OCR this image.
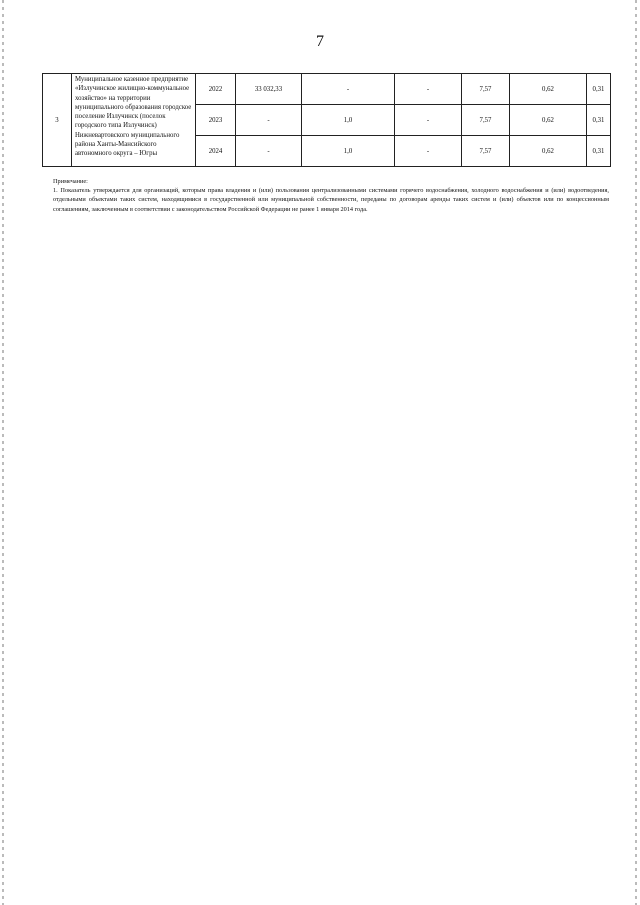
7
3	Муниципальное казенное предприятие «Излучинское жилищно-коммунальное хозяйство» на территории муниципального образования городское поселение Излучинск (поселок городского типа Излучинск) Нижневартовского муниципального района Ханты-Мансийского автономного округа – Югры	2022	33 032,33	-	-	7,57	0,62	0,31
		2023	-	1,0	-	7,57	0,62	0,31
		2024	-	1,0	-	7,57	0,62	0,31
Примечание:
1. Показатель утверждается для организаций, которым права владения и (или) пользования централизованными системами горячего водоснабжения, холодного водоснабжения и (или) водоотведения, отдельными объектами таких систем, находящимися в государственной или муниципальной собственности, переданы по договорам аренды таких систем и (или) объектов или по концессионным соглашениям, заключенным в соответствии с законодательством Российской Федерации не ранее 1 января 2014 года.
